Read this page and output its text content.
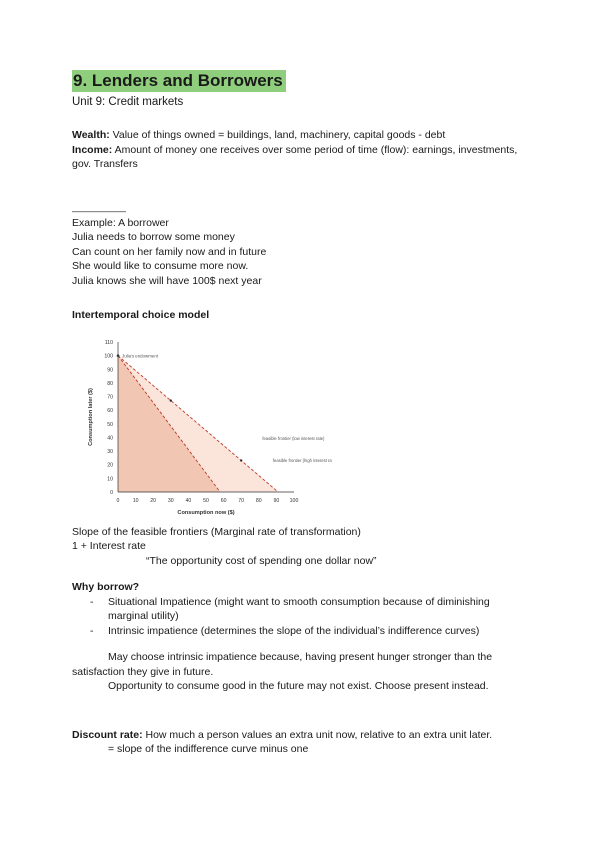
9. Lenders and Borrowers
Unit 9: Credit markets

Wealth: Value of things owned = buildings, land, machinery, capital goods - debt

Income: Amount of money one receives over some period of time (flow): earnings, investments, gov. Transfers

——————

Example: A borrower

Julia needs to borrow some money

Can count on her family now and in future

She would like to consume more now.

Julia knows she will have 100$ next year

Intertemporal choice model

0	10 20 30 40 50 60 70 80 90 100
0
10
20
30
40
50
60
70
80
90
100
110
Consumption now ($)
Consumption later ($)
Julia's endowment
feasible frontier (low interest rate)
feasible frontier (high interest rate)

Slope of the feasible frontiers (Marginal rate of transformation)

1 + Interest rate

“The opportunity cost of spending one dollar now”

Why borrow?

- Situational Impatience (might want to smooth consumption because of diminishing marginal utility)
- Intrinsic impatience (determines the slope of the individual’s indifference curves)

May choose intrinsic impatience because, having present hunger stronger than the satisfaction they give in future.

Opportunity to consume good in the future may not exist. Choose present instead.

Discount rate: How much a person values an extra unit now, relative to an extra unit later.

= slope of the indifference curve minus one
